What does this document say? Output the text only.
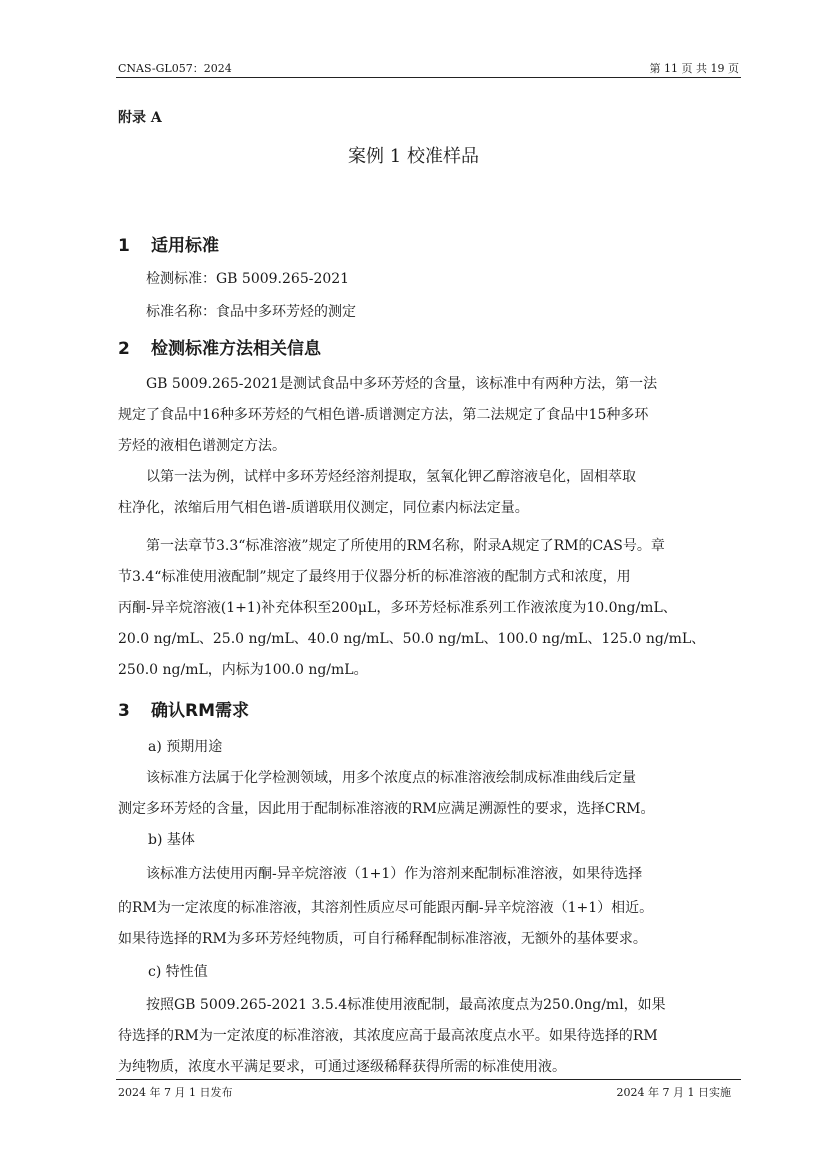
CNAS-GL057：2024	第 11 页 共 19 页
附录 A
案例 1 校准样品
1 适用标准
检测标准：GB 5009.265-2021
标准名称：食品中多环芳烃的测定
2 检测标准方法相关信息
GB 5009.265-2021是测试食品中多环芳烃的含量，该标准中有两种方法，第一法
规定了食品中16种多环芳烃的气相色谱-质谱测定方法，第二法规定了食品中15种多环
芳烃的液相色谱测定方法。
以第一法为例，试样中多环芳烃经溶剂提取，氢氧化钾乙醇溶液皂化，固相萃取
柱净化，浓缩后用气相色谱-质谱联用仪测定，同位素内标法定量。
第一法章节3.3“标准溶液”规定了所使用的RM名称，附录A规定了RM的CAS号。章
节3.4“标准使用液配制”规定了最终用于仪器分析的标准溶液的配制方式和浓度，用
丙酮-异辛烷溶液(1+1)补充体积至200μL，多环芳烃标准系列工作液浓度为10.0ng/mL、
20.0 ng/mL、25.0 ng/mL、40.0 ng/mL、50.0 ng/mL、100.0 ng/mL、125.0 ng/mL、
250.0 ng/mL，内标为100.0 ng/mL。
3 确认RM需求
a) 预期用途
该标准方法属于化学检测领域，用多个浓度点的标准溶液绘制成标准曲线后定量
测定多环芳烃的含量，因此用于配制标准溶液的RM应满足溯源性的要求，选择CRM。
b) 基体
该标准方法使用丙酮-异辛烷溶液（1+1）作为溶剂来配制标准溶液，如果待选择
的RM为一定浓度的标准溶液，其溶剂性质应尽可能跟丙酮-异辛烷溶液（1+1）相近。
如果待选择的RM为多环芳烃纯物质，可自行稀释配制标准溶液，无额外的基体要求。
c) 特性值
按照GB 5009.265-2021 3.5.4标准使用液配制，最高浓度点为250.0ng/ml，如果
待选择的RM为一定浓度的标准溶液，其浓度应高于最高浓度点水平。如果待选择的RM
为纯物质，浓度水平满足要求，可通过逐级稀释获得所需的标准使用液。
2024 年 7 月 1 日发布	2024 年 7 月 1 日实施
